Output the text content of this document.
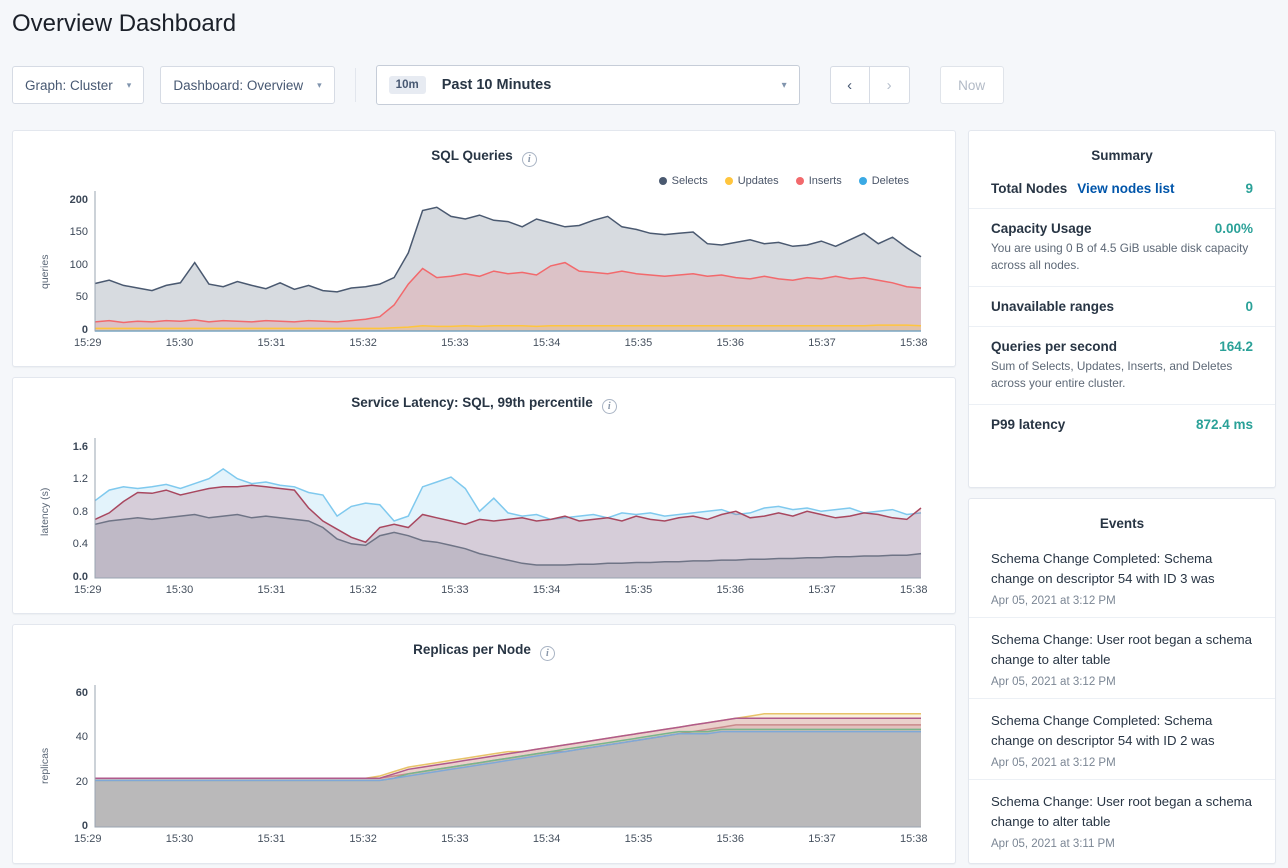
Overview Dashboard
Graph: Cluster ▾	Dashboard: Overview ▾	10m	Past 10 Minutes	▾	‹	›	Now
SQL Queries i
Selects	Updates	Inserts	Deletes
0
50
100
150
200
queries
15:29	15:30	15:31	15:32	15:33	15:34	15:35	15:36	15:37	15:38
Service Latency: SQL, 99th percentile i
0.0
0.4
0.8
1.2
1.6
latency (s)
15:29	15:30	15:31	15:32	15:33	15:34	15:35	15:36	15:37	15:38
Replicas per Node i
0
20
40
60
replicas
15:29	15:30	15:31	15:32	15:33	15:34	15:35	15:36	15:37	15:38
Summary
Total Nodes View nodes list	9
Capacity Usage	0.00%
You are using 0 B of 4.5 GiB usable disk capacity across all nodes.
Unavailable ranges	0
Queries per second	164.2
Sum of Selects, Updates, Inserts, and Deletes across your entire cluster.
P99 latency	872.4 ms
Events
Schema Change Completed: Schema change on descriptor 54 with ID 3 was
Apr 05, 2021 at 3:12 PM
Schema Change: User root began a schema change to alter table
Apr 05, 2021 at 3:12 PM
Schema Change Completed: Schema change on descriptor 54 with ID 2 was
Apr 05, 2021 at 3:12 PM
Schema Change: User root began a schema change to alter table
Apr 05, 2021 at 3:11 PM
